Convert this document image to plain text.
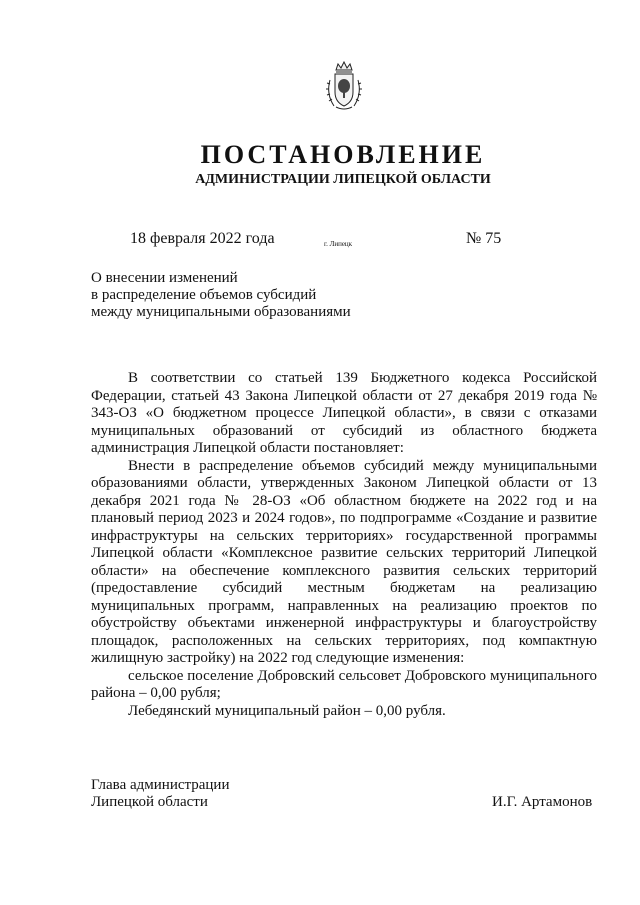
ПОСТАНОВЛЕНИЕ
АДМИНИСТРАЦИИ ЛИПЕЦКОЙ ОБЛАСТИ
18 февраля 2022 года	г. Липецк	№ 75
О внесении изменений
в распределение объемов субсидий
между муниципальными образованиями

В соответствии со статьей 139 Бюджетного кодекса Российской Федерации, статьей 43 Закона Липецкой области от 27 декабря 2019 года № 343-ОЗ «О бюджетном процессе Липецкой области», в связи с отказами муниципальных образований от субсидий из областного бюджета администрация Липецкой области постановляет:

Внести в распределение объемов субсидий между муниципальными образованиями области, утвержденных Законом Липецкой области от 13 декабря 2021 года № 28-ОЗ «Об областном бюджете на 2022 год и на плановый период 2023 и 2024 годов», по подпрограмме «Создание и развитие инфраструктуры на сельских территориях» государственной программы Липецкой области «Комплексное развитие сельских территорий Липецкой области» на обеспечение комплексного развития сельских территорий (предоставление субсидий местным бюджетам на реализацию муниципальных программ, направленных на реализацию проектов по обустройству объектами инженерной инфраструктуры и благоустройству площадок, расположенных на сельских территориях, под компактную жилищную застройку) на 2022 год следующие изменения:

сельское поселение Добровский сельсовет Добровского муниципального района – 0,00 рубля;

Лебедянский муниципальный район – 0,00 рубля.

Глава администрации
Липецкой области	И.Г. Артамонов
